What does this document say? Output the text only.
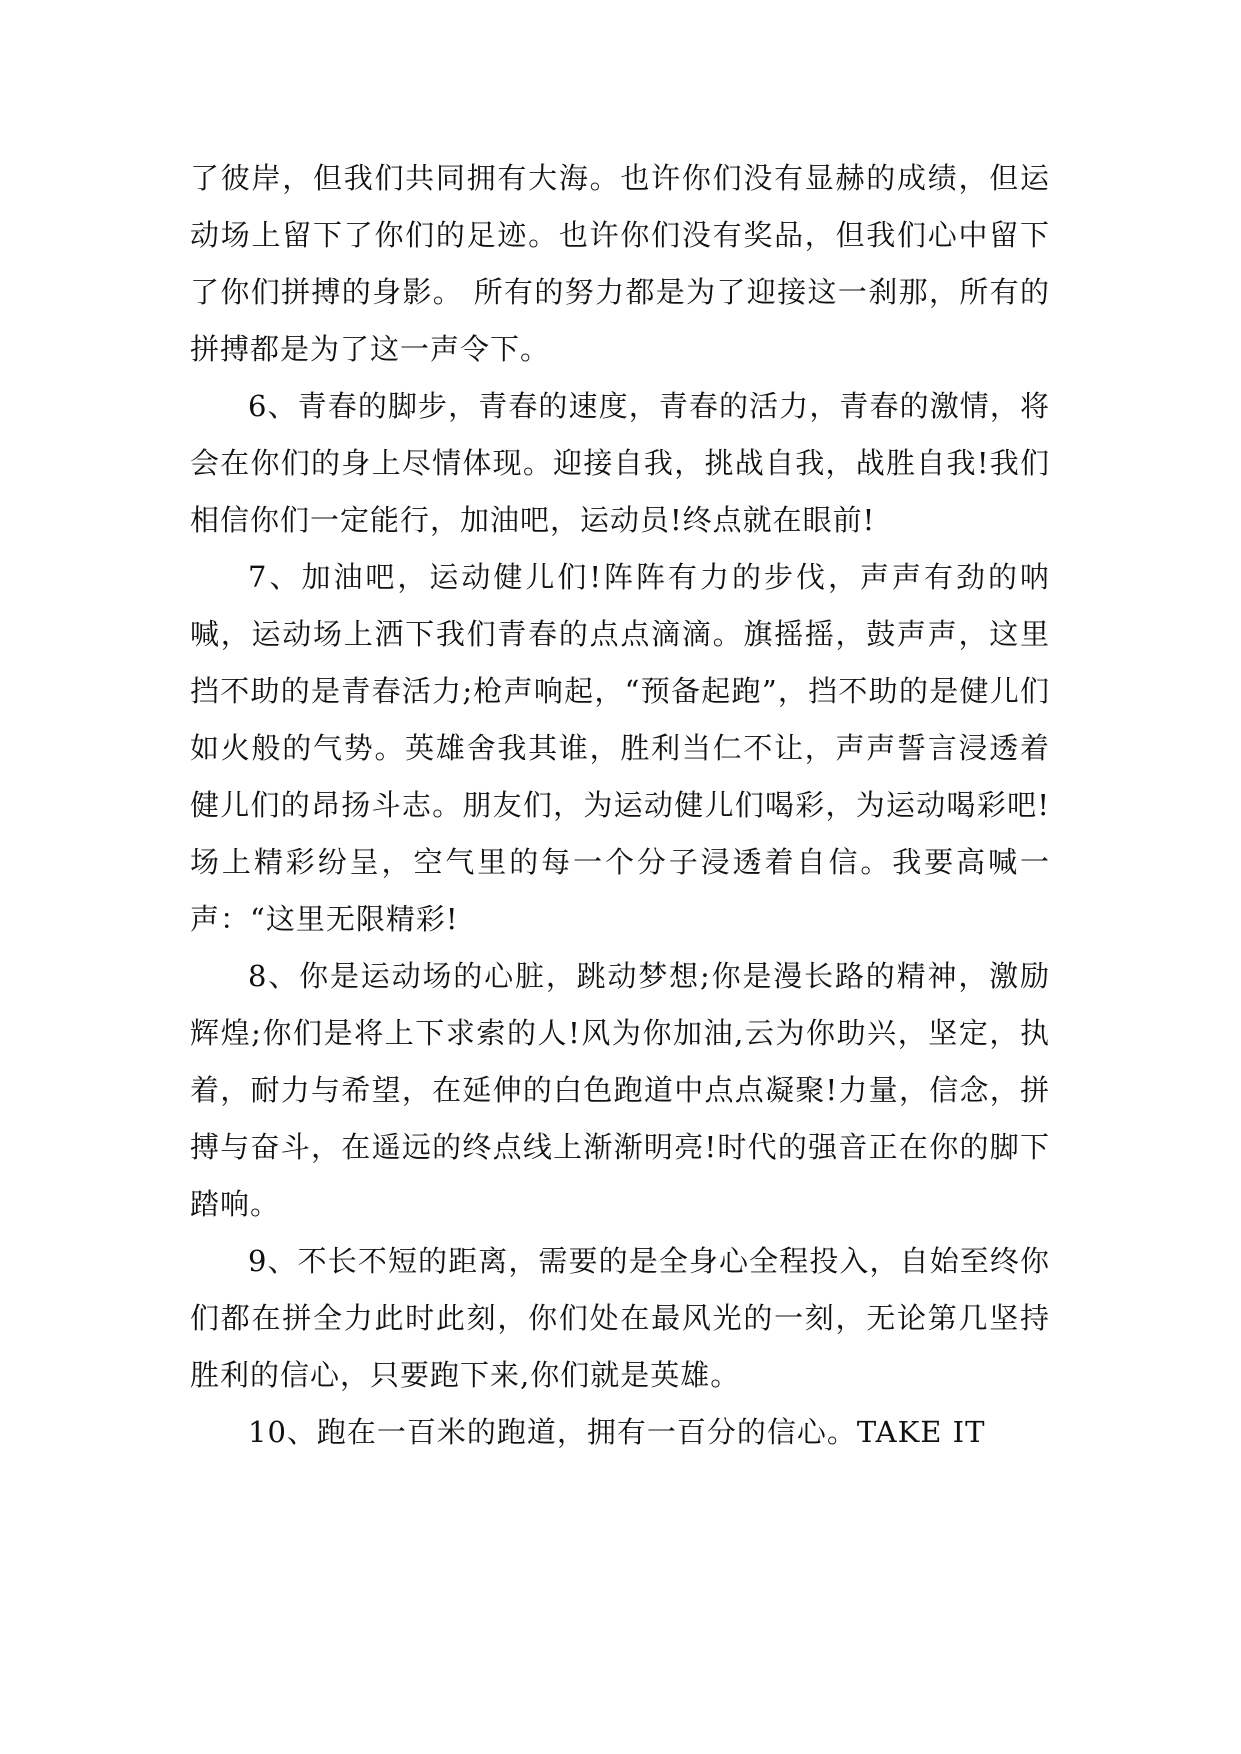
了彼岸，但我们共同拥有大海。也许你们没有显赫的成绩，但运动场上留下了你们的足迹。也许你们没有奖品，但我们心中留下了你们拼搏的身影。 所有的努力都是为了迎接这一刹那，所有的拼搏都是为了这一声令下。

6、青春的脚步，青春的速度，青春的活力，青春的激情，将会在你们的身上尽情体现。迎接自我，挑战自我，战胜自我!我们相信你们一定能行，加油吧，运动员!终点就在眼前!

7、加油吧，运动健儿们!阵阵有力的步伐，声声有劲的呐喊，运动场上洒下我们青春的点点滴滴。旗摇摇，鼓声声，这里挡不助的是青春活力;枪声响起，“预备起跑”，挡不助的是健儿们如火般的气势。英雄舍我其谁，胜利当仁不让，声声誓言浸透着健儿们的昂扬斗志。朋友们，为运动健儿们喝彩，为运动喝彩吧!场上精彩纷呈，空气里的每一个分子浸透着自信。我要高喊一声：“这里无限精彩!

8、你是运动场的心脏，跳动梦想;你是漫长路的精神，激励辉煌;你们是将上下求索的人!风为你加油,云为你助兴，坚定，执着，耐力与希望，在延伸的白色跑道中点点凝聚!力量，信念，拼搏与奋斗，在遥远的终点线上渐渐明亮!时代的强音正在你的脚下踏响。

9、不长不短的距离，需要的是全身心全程投入，自始至终你们都在拼全力此时此刻，你们处在最风光的一刻，无论第几坚持胜利的信心，只要跑下来,你们就是英雄。

10、跑在一百米的跑道，拥有一百分的信心。TAKE IT
